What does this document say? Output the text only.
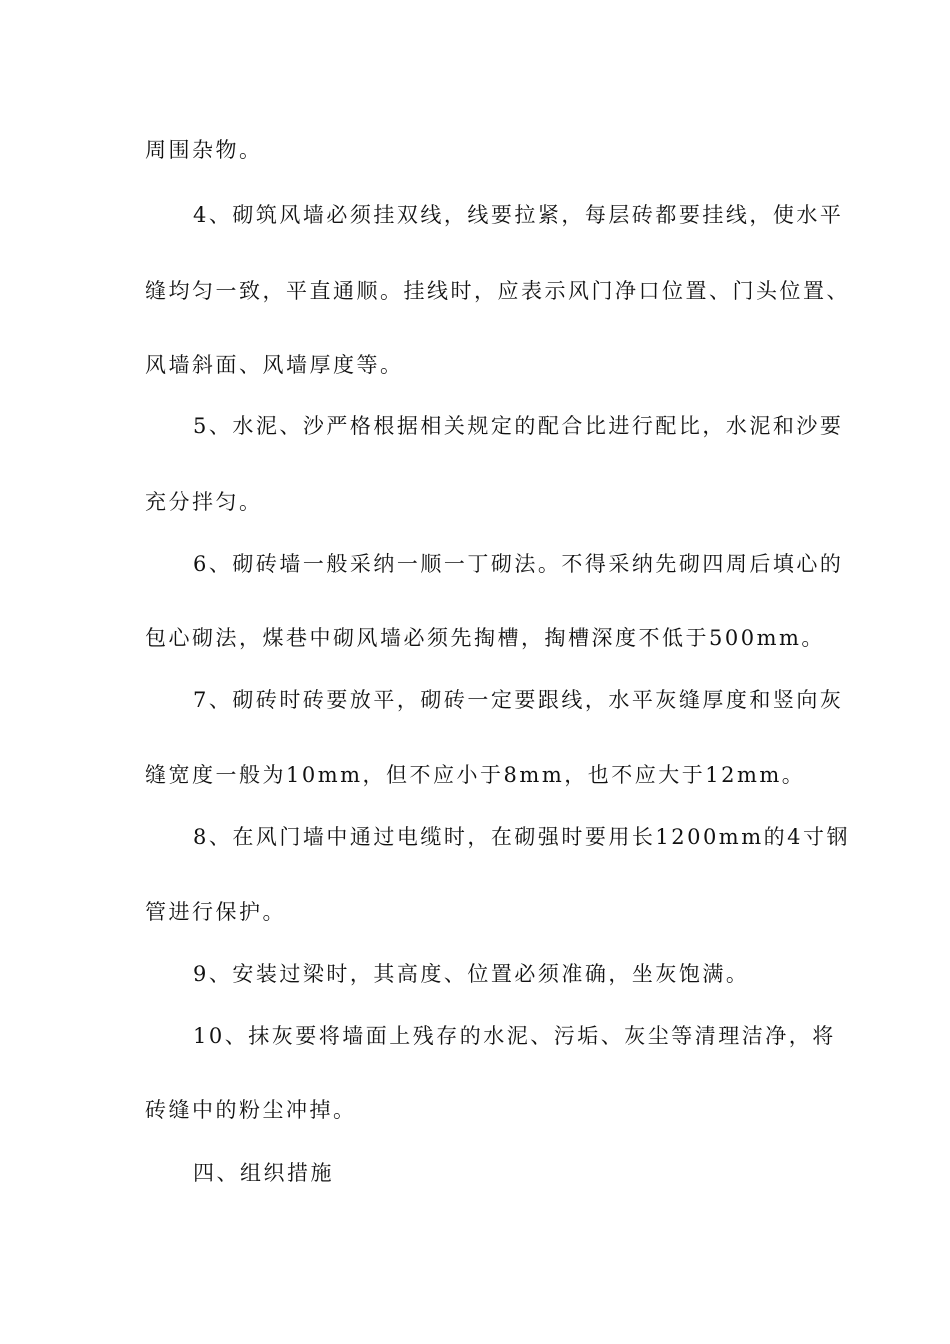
周围杂物。
4、砌筑风墙必须挂双线，线要拉紧，每层砖都要挂线，使水平
缝均匀一致，平直通顺。挂线时，应表示风门净口位置、门头位置、
风墙斜面、风墙厚度等。
5、水泥、沙严格根据相关规定的配合比进行配比，水泥和沙要
充分拌匀。
6、砌砖墙一般采纳一顺一丁砌法。不得采纳先砌四周后填心的
包心砌法，煤巷中砌风墙必须先掏槽，掏槽深度不低于500mm。
7、砌砖时砖要放平，砌砖一定要跟线，水平灰缝厚度和竖向灰
缝宽度一般为10mm，但不应小于8mm，也不应大于12mm。
8、在风门墙中通过电缆时，在砌强时要用长1200mm的4寸钢
管进行保护。
9、安装过梁时，其高度、位置必须准确，坐灰饱满。
10、抹灰要将墙面上残存的水泥、污垢、灰尘等清理洁净，将
砖缝中的粉尘冲掉。
四、组织措施
